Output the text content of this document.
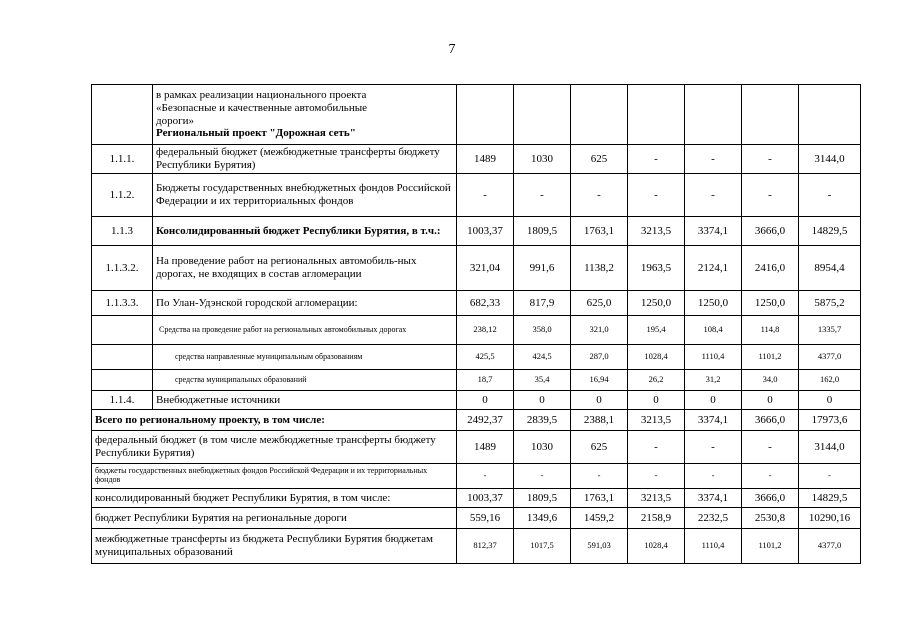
7

	в рамках реализации национального проекта
«Безопасные и качественные автомобильные
дороги»
Региональный проект "Дорожная сеть"							

1.1.1.	федеральный бюджет (межбюджетные трансферты бюджету Республики Бурятия)	1489	1030	625	-	-	-	3144,0
1.1.2.	Бюджеты государственных внебюджетных фондов Российской Федерации и их территориальных фондов	-	-	-	-	-	-	-
1.1.3	Консолидированный бюджет Республики Бурятия, в т.ч.:	1003,37	1809,5	1763,1	3213,5	3374,1	3666,0	14829,5
1.1.3.2.	На проведение работ на региональных автомобиль-ных дорогах, не входящих в состав агломерации	321,04	991,6	1138,2	1963,5	2124,1	2416,0	8954,4
1.1.3.3.	По Улан-Удэнской городской агломерации:	682,33	817,9	625,0	1250,0	1250,0	1250,0	5875,2
	Средства на проведение работ на региональных автомобильных дорогах	238,12	358,0	321,0	195,4	108,4	114,8	1335,7
	средства направленные муниципальным образованиям	425,5	424,5	287,0	1028,4	1110,4	1101,2	4377,0
	средства муниципальных образований	18,7	35,4	16,94	26,2	31,2	34,0	162,0
1.1.4.	Внебюджетные источники	0	0	0	0	0	0	0
Всего по региональному проекту, в том числе:		2492,37	2839,5	2388,1	3213,5	3374,1	3666,0	17973,6
федеральный бюджет (в том числе межбюджетные трансферты бюджету Республики Бурятия)		1489	1030	625	-	-	-	3144,0
бюджеты государственных внебюджетных фондов Российской Федерации и их территориальных фондов		-	-	-	-	-	-	-
консолидированный бюджет Республики Бурятия, в том числе:		1003,37	1809,5	1763,1	3213,5	3374,1	3666,0	14829,5
бюджет Республики Бурятия на региональные дороги		559,16	1349,6	1459,2	2158,9	2232,5	2530,8	10290,16
межбюджетные трансферты из бюджета Республики Бурятия бюджетам муниципальных образований		812,37	1017,5	591,03	1028,4	1110,4	1101,2	4377,0
